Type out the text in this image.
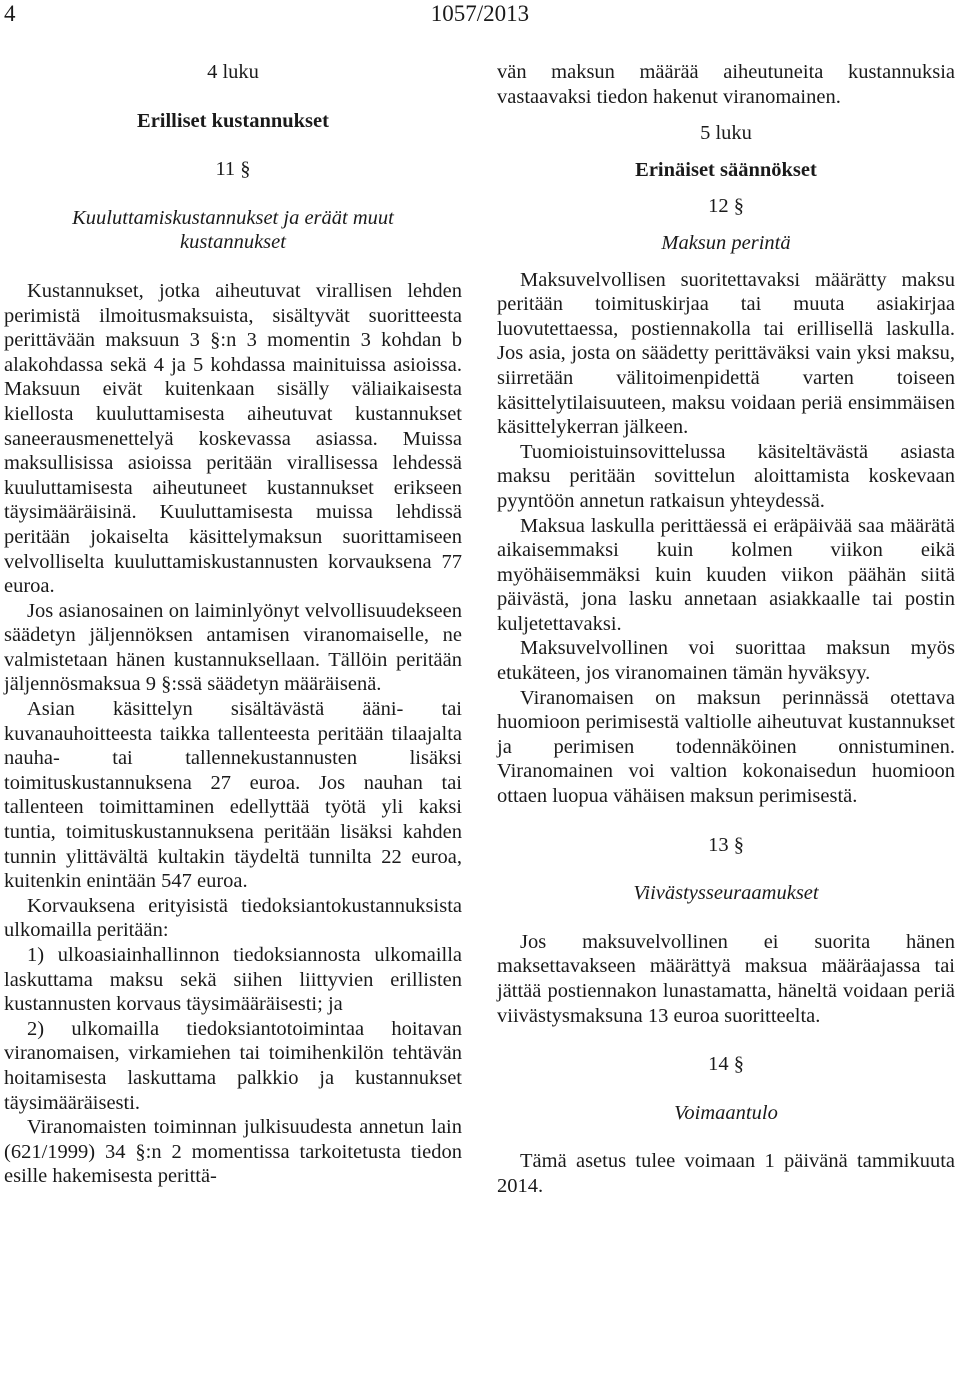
4	1057/2013

4 luku

Erilliset kustannukset

11 §

Kuuluttamiskustannukset ja eräät muut

kustannukset

Kustannukset, jotka aiheutuvat virallisen lehden perimistä ilmoitusmaksuista, sisältyvät suoritteesta perittävään maksuun 3 §:n 3 momentin 3 kohdan b alakohdassa sekä 4 ja 5 kohdassa mainituissa asioissa. Maksuun eivät kuitenkaan sisälly väliaikaisesta kiellosta kuuluttamisesta aiheutuvat kustannukset saneerausmenettelyä koskevassa asiassa. Muissa maksullisissa asioissa peritään virallisessa lehdessä kuuluttamisesta aiheutuneet kustannukset erikseen täysimääräisinä. Kuuluttamisesta muissa lehdissä peritään jokaiselta käsittelymaksun suorittamiseen velvolliselta kuuluttamiskustannusten korvauksena 77 euroa.

Jos asianosainen on laiminlyönyt velvollisuudekseen säädetyn jäljennöksen antamisen viranomaiselle, ne valmistetaan hänen kustannuksellaan. Tällöin peritään jäljennösmaksua 9 §:ssä säädetyn määräisenä.

Asian käsittelyn sisältävästä ääni- tai kuvanauhoitteesta taikka tallenteesta peritään tilaajalta nauha- tai tallennekustannusten lisäksi toimituskustannuksena 27 euroa. Jos nauhan tai tallenteen toimittaminen edellyttää työtä yli kaksi tuntia, toimituskustannuksena peritään lisäksi kahden tunnin ylittävältä kultakin täydeltä tunnilta 22 euroa, kuitenkin enintään 547 euroa.

Korvauksena erityisistä tiedoksiantokustannuksista ulkomailla peritään:

1) ulkoasiainhallinnon tiedoksiannosta ulkomailla laskuttama maksu sekä siihen liittyvien erillisten kustannusten korvaus täysimääräisesti; ja

2) ulkomailla tiedoksiantotoimintaa hoitavan viranomaisen, virkamiehen tai toimihenkilön tehtävän hoitamisesta laskuttama palkkio ja kustannukset täysimääräisesti.

Viranomaisten toiminnan julkisuudesta annetun lain (621/1999) 34 §:n 2 momentissa tarkoitetusta tiedon esille hakemisesta perittä-

vän maksun määrää aiheutuneita kustannuksia vastaavaksi tiedon hakenut viranomainen.

5 luku

Erinäiset säännökset

12 §

Maksun perintä

Maksuvelvollisen suoritettavaksi määrätty maksu peritään toimituskirjaa tai muuta asiakirjaa luovutettaessa, postiennakolla tai erillisellä laskulla. Jos asia, josta on säädetty perittäväksi vain yksi maksu, siirretään välitoimenpidettä varten toiseen käsittelytilaisuuteen, maksu voidaan periä ensimmäisen käsittelykerran jälkeen.

Tuomioistuinsovittelussa käsiteltävästä asiasta maksu peritään sovittelun aloittamista koskevaan pyyntöön annetun ratkaisun yhteydessä.

Maksua laskulla perittäessä ei eräpäivää saa määrätä aikaisemmaksi kuin kolmen viikon eikä myöhäisemmäksi kuin kuuden viikon päähän siitä päivästä, jona lasku annetaan asiakkaalle tai postin kuljetettavaksi.

Maksuvelvollinen voi suorittaa maksun myös etukäteen, jos viranomainen tämän hyväksyy.

Viranomaisen on maksun perinnässä otettava huomioon perimisestä valtiolle aiheutuvat kustannukset ja perimisen todennäköinen onnistuminen. Viranomainen voi valtion kokonaisedun huomioon ottaen luopua vähäisen maksun perimisestä.

13 §

Viivästysseuraamukset

Jos maksuvelvollinen ei suorita hänen maksettavakseen määrättyä maksua määräajassa tai jättää postiennakon lunastamatta, häneltä voidaan periä viivästysmaksuna 13 euroa suoritteelta.

14 §

Voimaantulo

Tämä asetus tulee voimaan 1 päivänä tammikuuta 2014.
